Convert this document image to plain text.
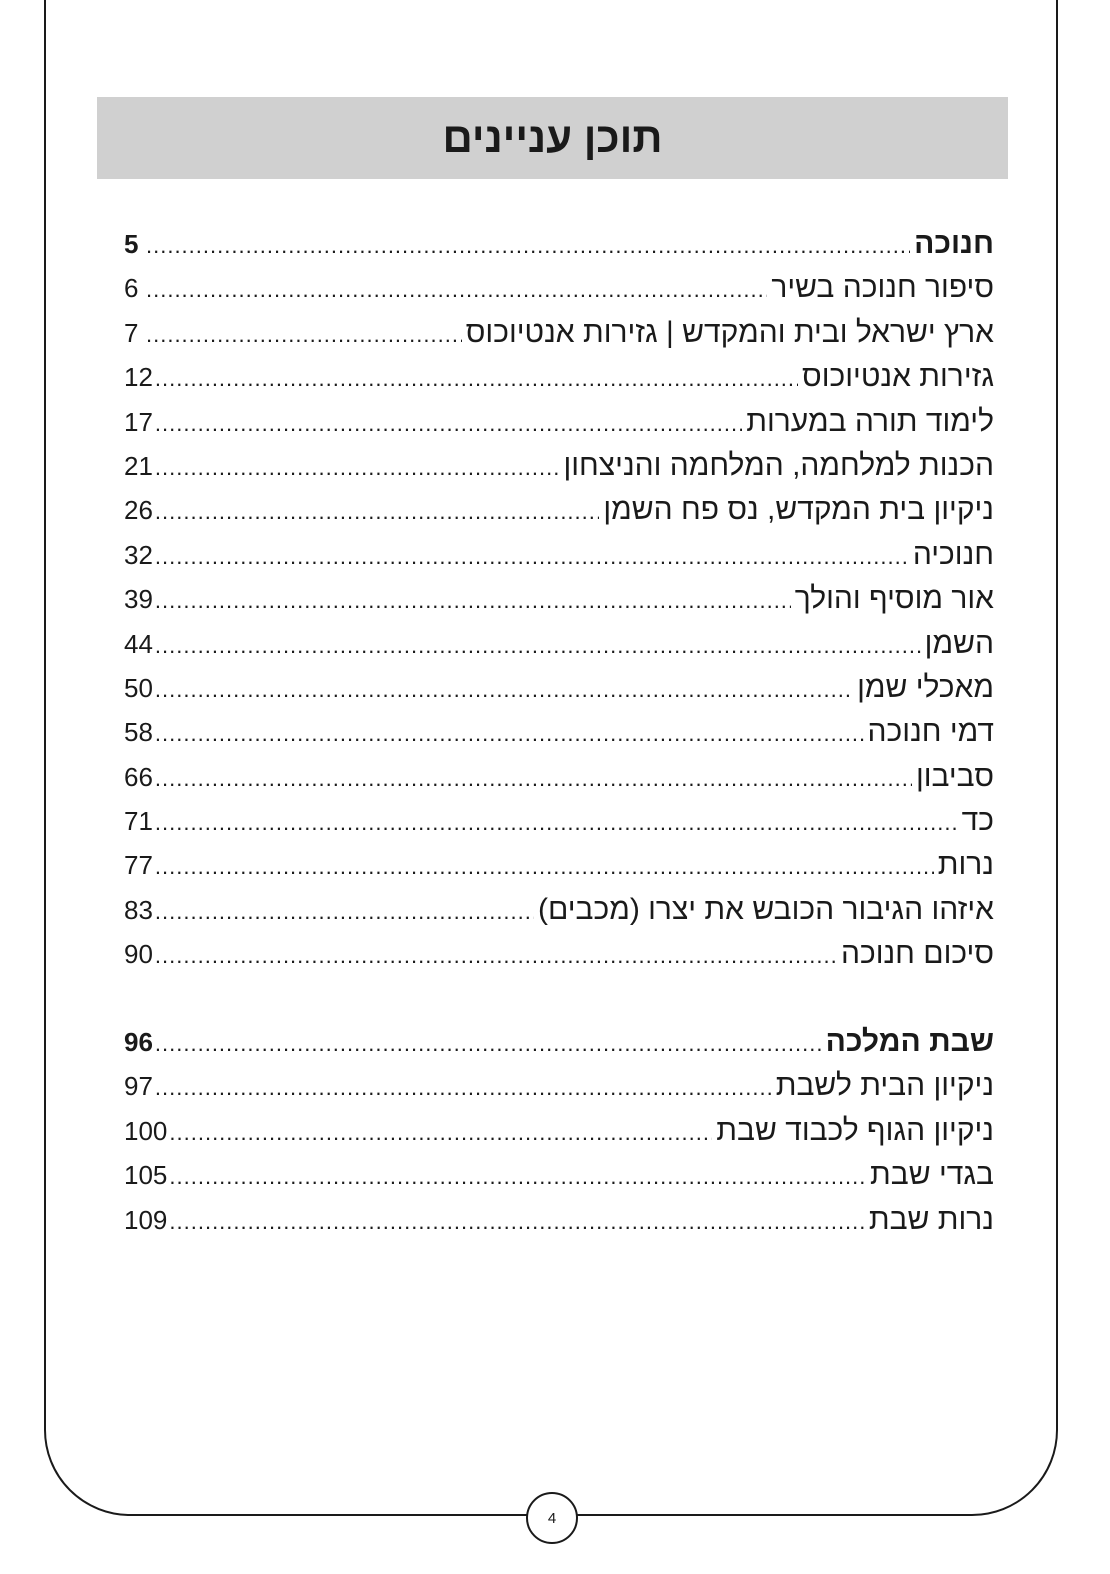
תוכן עניינים
חנוכה
.....
5
סיפור חנוכה בשיר
.....
6
ארץ ישראל ובית והמקדש | גזירות אנטיוכוס
.....
7
גזירות אנטיוכוס
.....
12
לימוד תורה במערות
.....
17
הכנות למלחמה, המלחמה והניצחון
.....
21
ניקיון בית המקדש, נס פח השמן
.....
26
חנוכיה
.....
32
אור מוסיף והולך
.....
39
השמן
.....
44
מאכלי שמן
.....
50
דמי חנוכה
.....
58
סביבון
.....
66
כד
.....
71
נרות
.....
77
איזהו הגיבור הכובש את יצרו (מכבים)
.....
83
סיכום חנוכה
.....
90
שבת המלכה
.....
96
ניקיון הבית לשבת
.....
97
ניקיון הגוף לכבוד שבת
.....
100
בגדי שבת
.....
105
נרות שבת
.....
109
4
